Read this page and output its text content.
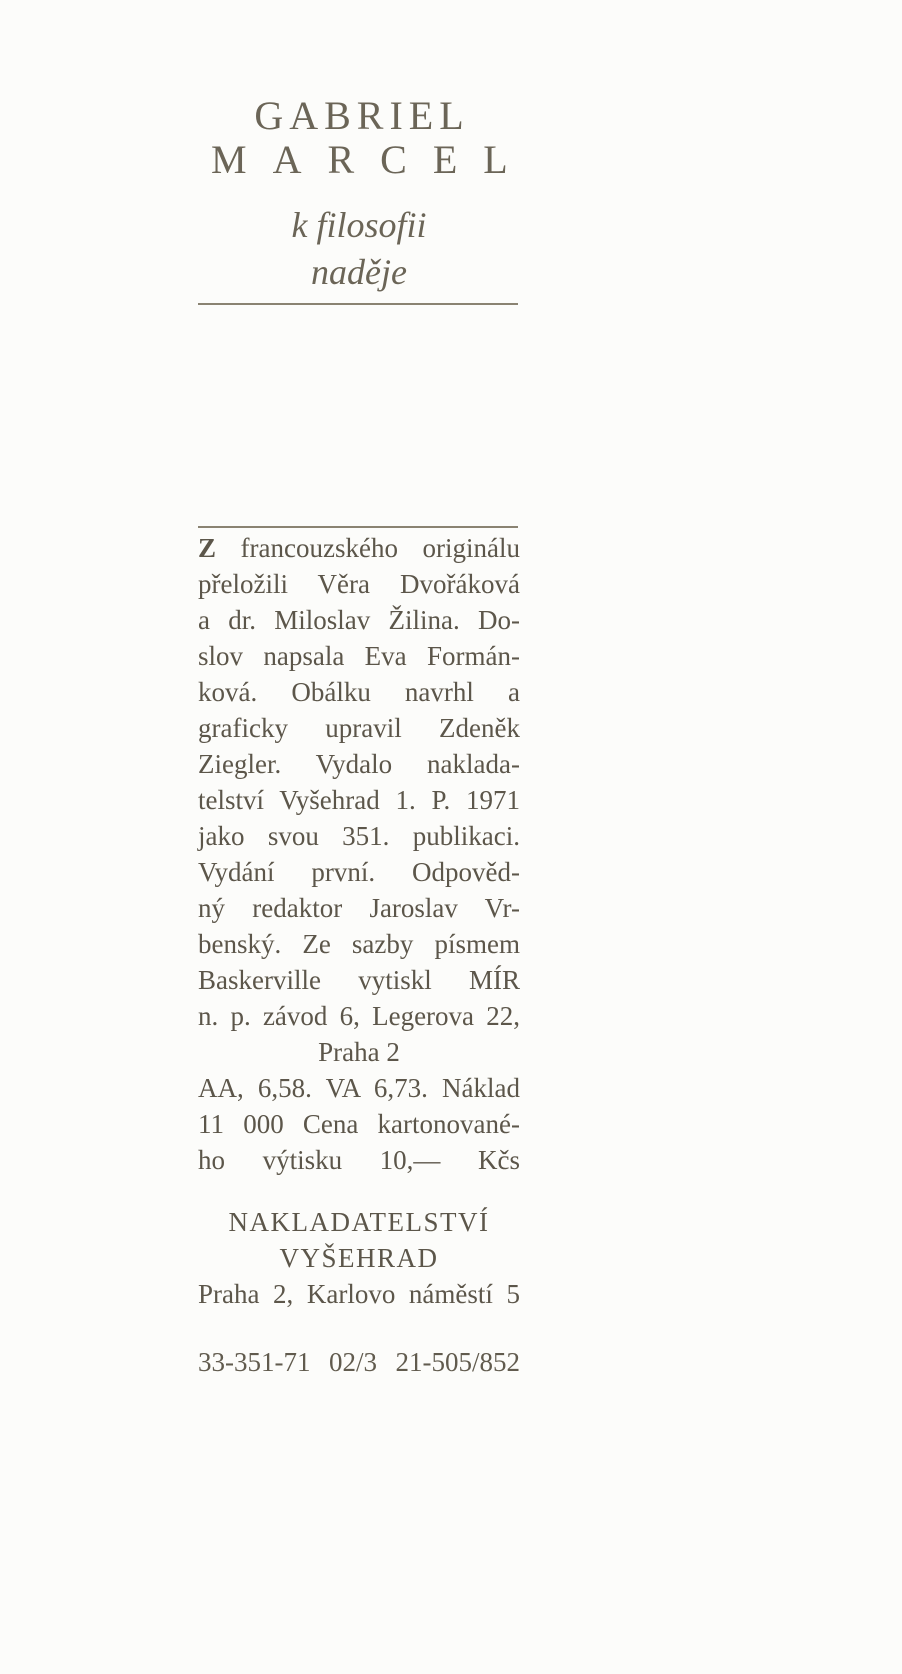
GABRIEL
MARCEL
k filosofii
naděje
Z francouzského originálu
přeložili Věra Dvořáková
a dr. Miloslav Žilina. Do-
slov napsala Eva Formán-
ková. Obálku navrhl a
graficky upravil Zdeněk
Ziegler. Vydalo naklada-
telství Vyšehrad 1. P. 1971
jako svou 351. publikaci.
Vydání první. Odpověd-
ný redaktor Jaroslav Vr-
benský. Ze sazby písmem
Baskerville vytiskl MÍR
n. p. závod 6, Legerova 22,
Praha 2
AA, 6,58. VA 6,73. Náklad
11 000 Cena kartonované-
ho výtisku 10,— Kčs
NAKLADATELSTVÍ
VYŠEHRAD
Praha 2, Karlovo náměstí 5
33-351-71 02/3 21-505/852
